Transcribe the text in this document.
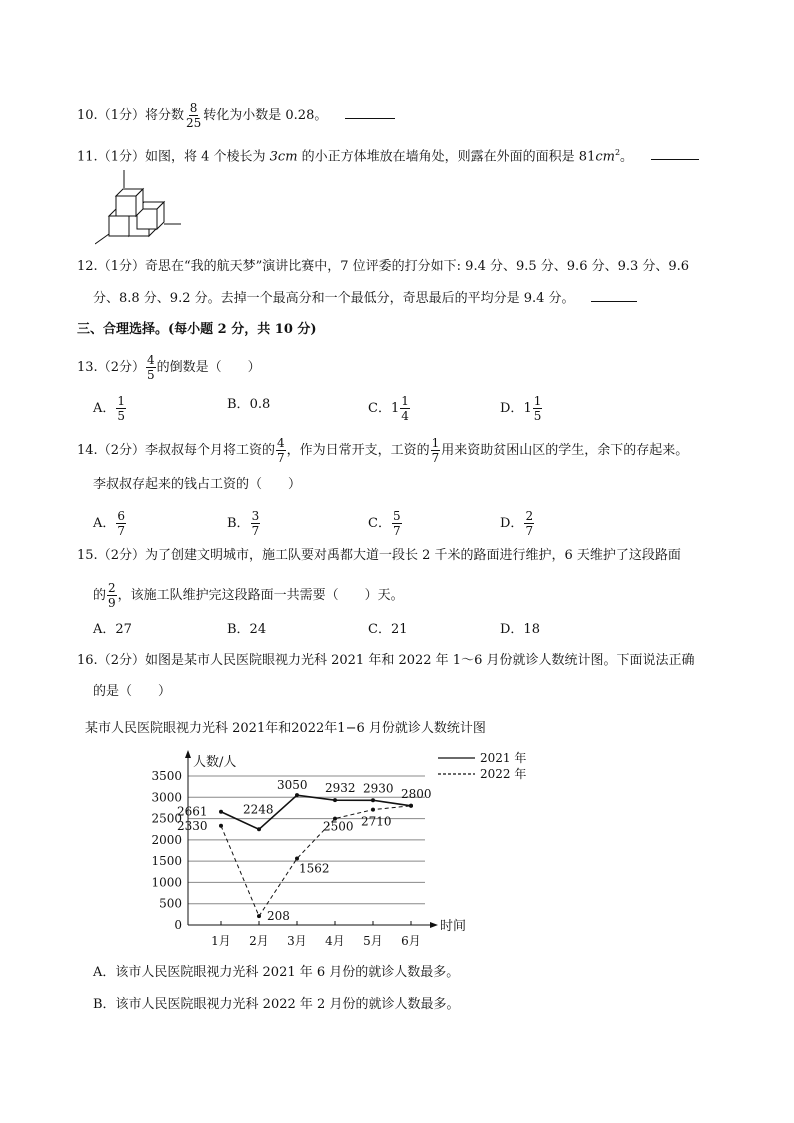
10.（1分）将分数 $\frac{8}{25}$ 转化为小数是 0.28。
11.（1分）如图，将 4 个棱长为 3cm 的小正方体堆放在墙角处，则露在外面的面积是 $81cm^2$。
12.（1分）奇思在“我的航天梦”演讲比赛中，7 位评委的打分如下: 9.4 分、9.5 分、9.6 分、9.3 分、9.6
分、8.8 分、9.2 分。去掉一个最高分和一个最低分，奇思最后的平均分是 9.4 分。
三、合理选择。(每小题 2 分，共 10 分)
13.（2分） $\frac{4}{5}$ 的倒数是（　　）
A． $\frac{1}{5}$	B．0.8	C． $1 \frac{1}{4}$	D． $1 \frac{1}{5}$
14.（2分）李叔叔每个月将工资的 $\frac{4}{7}$ ，作为日常开支，工资的 $\frac{1}{7}$ 用来资助贫困山区的学生，余下的存起来。
李叔叔存起来的钱占工资的（　　）
A． $\frac{6}{7}$	B． $\frac{3}{7}$	C． $\frac{5}{7}$	D． $\frac{2}{7}$
15.（2分）为了创建文明城市，施工队要对禹都大道一段长 2 千米的路面进行维护，6 天维护了这段路面
的 $\frac{2}{9}$ ，该施工队维护完这段路面一共需要（　　）天。
A．27	B．24	C．21	D．18
16.（2分）如图是某市人民医院眼视力光科 2021 年和 2022 年 1～6 月份就诊人数统计图。下面说法正确
的是（　　）
某市人民医院眼视力光科 2021年和2022年1−6 月份就诊人数统计图
0
500
1000
1500
2000
2500
3000
3500
人数/人
时间
1月 2月 3月 4月 5月 6月
2021 年
2022 年
2661	2248
3050 2932 2930 2800
2330
208
1562
2500 2710
A．该市人民医院眼视力光科 2021 年 6 月份的就诊人数最多。
B．该市人民医院眼视力光科 2022 年 2 月份的就诊人数最多。
